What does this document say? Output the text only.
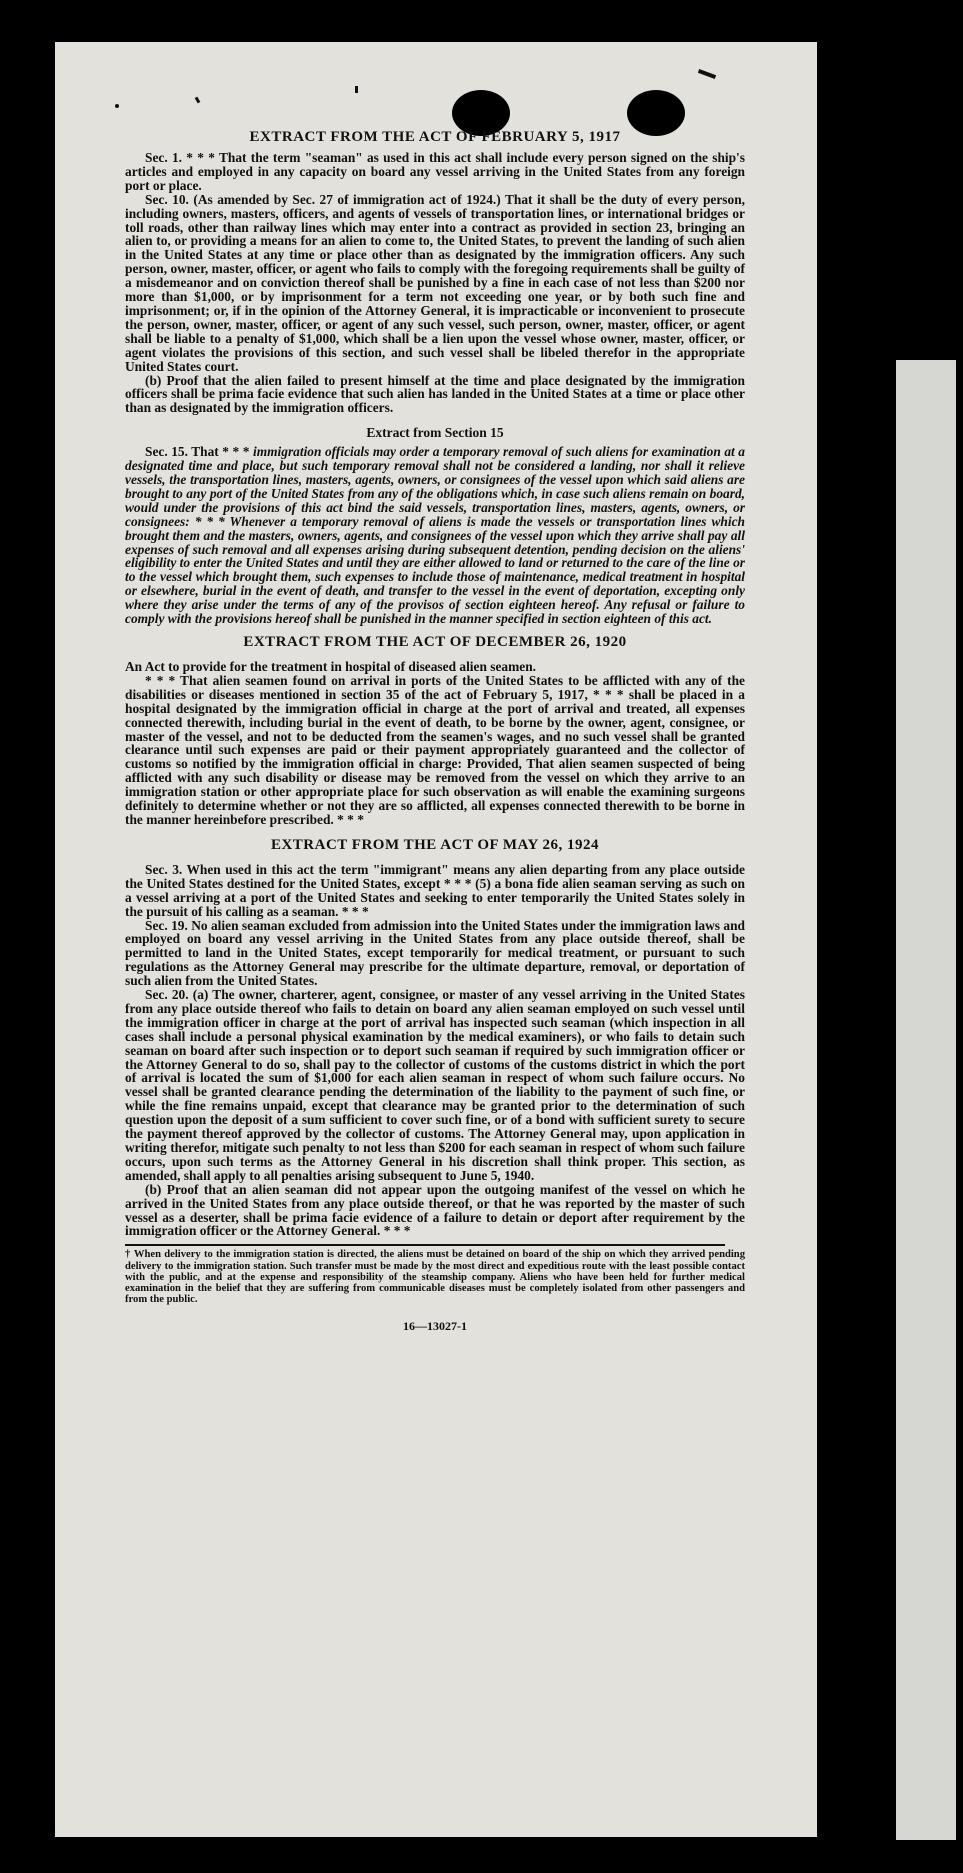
EXTRACT FROM THE ACT OF FEBRUARY 5, 1917

Sec. 1. * * * That the term "seaman" as used in this act shall include every person signed on the ship's articles and employed in any capacity on board any vessel arriving in the United States from any foreign port or place.

Sec. 10. (As amended by Sec. 27 of immigration act of 1924.) That it shall be the duty of every person, including owners, masters, officers, and agents of vessels of transportation lines, or international bridges or toll roads, other than railway lines which may enter into a contract as provided in section 23, bringing an alien to, or providing a means for an alien to come to, the United States, to prevent the landing of such alien in the United States at any time or place other than as designated by the immigration officers. Any such person, owner, master, officer, or agent who fails to comply with the foregoing requirements shall be guilty of a misdemeanor and on conviction thereof shall be punished by a fine in each case of not less than $200 nor more than $1,000, or by imprisonment for a term not exceeding one year, or by both such fine and imprisonment; or, if in the opinion of the Attorney General, it is impracticable or inconvenient to prosecute the person, owner, master, officer, or agent of any such vessel, such person, owner, master, officer, or agent shall be liable to a penalty of $1,000, which shall be a lien upon the vessel whose owner, master, officer, or agent violates the provisions of this section, and such vessel shall be libeled therefor in the appropriate United States court.

(b) Proof that the alien failed to present himself at the time and place designated by the immigration officers shall be prima facie evidence that such alien has landed in the United States at a time or place other than as designated by the immigration officers.

Extract from Section 15

Sec. 15. That * * * immigration officials may order a temporary removal of such aliens for examination at a designated time and place, but such temporary removal shall not be considered a landing, nor shall it relieve vessels, the transportation lines, masters, agents, owners, or consignees of the vessel upon which said aliens are brought to any port of the United States from any of the obligations which, in case such aliens remain on board, would under the provisions of this act bind the said vessels, transportation lines, masters, agents, owners, or consignees: * * * Whenever a temporary removal of aliens is made the vessels or transportation lines which brought them and the masters, owners, agents, and consignees of the vessel upon which they arrive shall pay all expenses of such removal and all expenses arising during subsequent detention, pending decision on the aliens' eligibility to enter the United States and until they are either allowed to land or returned to the care of the line or to the vessel which brought them, such expenses to include those of maintenance, medical treatment in hospital or elsewhere, burial in the event of death, and transfer to the vessel in the event of deportation, excepting only where they arise under the terms of any of the provisos of section eighteen hereof. Any refusal or failure to comply with the provisions hereof shall be punished in the manner specified in section eighteen of this act.

EXTRACT FROM THE ACT OF DECEMBER 26, 1920

An Act to provide for the treatment in hospital of diseased alien seamen.

* * * That alien seamen found on arrival in ports of the United States to be afflicted with any of the disabilities or diseases mentioned in section 35 of the act of February 5, 1917, * * * shall be placed in a hospital designated by the immigration official in charge at the port of arrival and treated, all expenses connected therewith, including burial in the event of death, to be borne by the owner, agent, consignee, or master of the vessel, and not to be deducted from the seamen's wages, and no such vessel shall be granted clearance until such expenses are paid or their payment appropriately guaranteed and the collector of customs so notified by the immigration official in charge: Provided, That alien seamen suspected of being afflicted with any such disability or disease may be removed from the vessel on which they arrive to an immigration station or other appropriate place for such observation as will enable the examining surgeons definitely to determine whether or not they are so afflicted, all expenses connected therewith to be borne in the manner hereinbefore prescribed. * * *

EXTRACT FROM THE ACT OF MAY 26, 1924

Sec. 3. When used in this act the term "immigrant" means any alien departing from any place outside the United States destined for the United States, except * * * (5) a bona fide alien seaman serving as such on a vessel arriving at a port of the United States and seeking to enter temporarily the United States solely in the pursuit of his calling as a seaman. * * *

Sec. 19. No alien seaman excluded from admission into the United States under the immigration laws and employed on board any vessel arriving in the United States from any place outside thereof, shall be permitted to land in the United States, except temporarily for medical treatment, or pursuant to such regulations as the Attorney General may prescribe for the ultimate departure, removal, or deportation of such alien from the United States.

Sec. 20. (a) The owner, charterer, agent, consignee, or master of any vessel arriving in the United States from any place outside thereof who fails to detain on board any alien seaman employed on such vessel until the immigration officer in charge at the port of arrival has inspected such seaman (which inspection in all cases shall include a personal physical examination by the medical examiners), or who fails to detain such seaman on board after such inspection or to deport such seaman if required by such immigration officer or the Attorney General to do so, shall pay to the collector of customs of the customs district in which the port of arrival is located the sum of $1,000 for each alien seaman in respect of whom such failure occurs. No vessel shall be granted clearance pending the determination of the liability to the payment of such fine, or while the fine remains unpaid, except that clearance may be granted prior to the determination of such question upon the deposit of a sum sufficient to cover such fine, or of a bond with sufficient surety to secure the payment thereof approved by the collector of customs. The Attorney General may, upon application in writing therefor, mitigate such penalty to not less than $200 for each seaman in respect of whom such failure occurs, upon such terms as the Attorney General in his discretion shall think proper. This section, as amended, shall apply to all penalties arising subsequent to June 5, 1940.

(b) Proof that an alien seaman did not appear upon the outgoing manifest of the vessel on which he arrived in the United States from any place outside thereof, or that he was reported by the master of such vessel as a deserter, shall be prima facie evidence of a failure to detain or deport after requirement by the immigration officer or the Attorney General. * * *

† When delivery to the immigration station is directed, the aliens must be detained on board of the ship on which they arrived pending delivery to the immigration station. Such transfer must be made by the most direct and expeditious route with the least possible contact with the public, and at the expense and responsibility of the steamship company. Aliens who have been held for further medical examination in the belief that they are suffering from communicable diseases must be completely isolated from other passengers and from the public.

16—13027-1
